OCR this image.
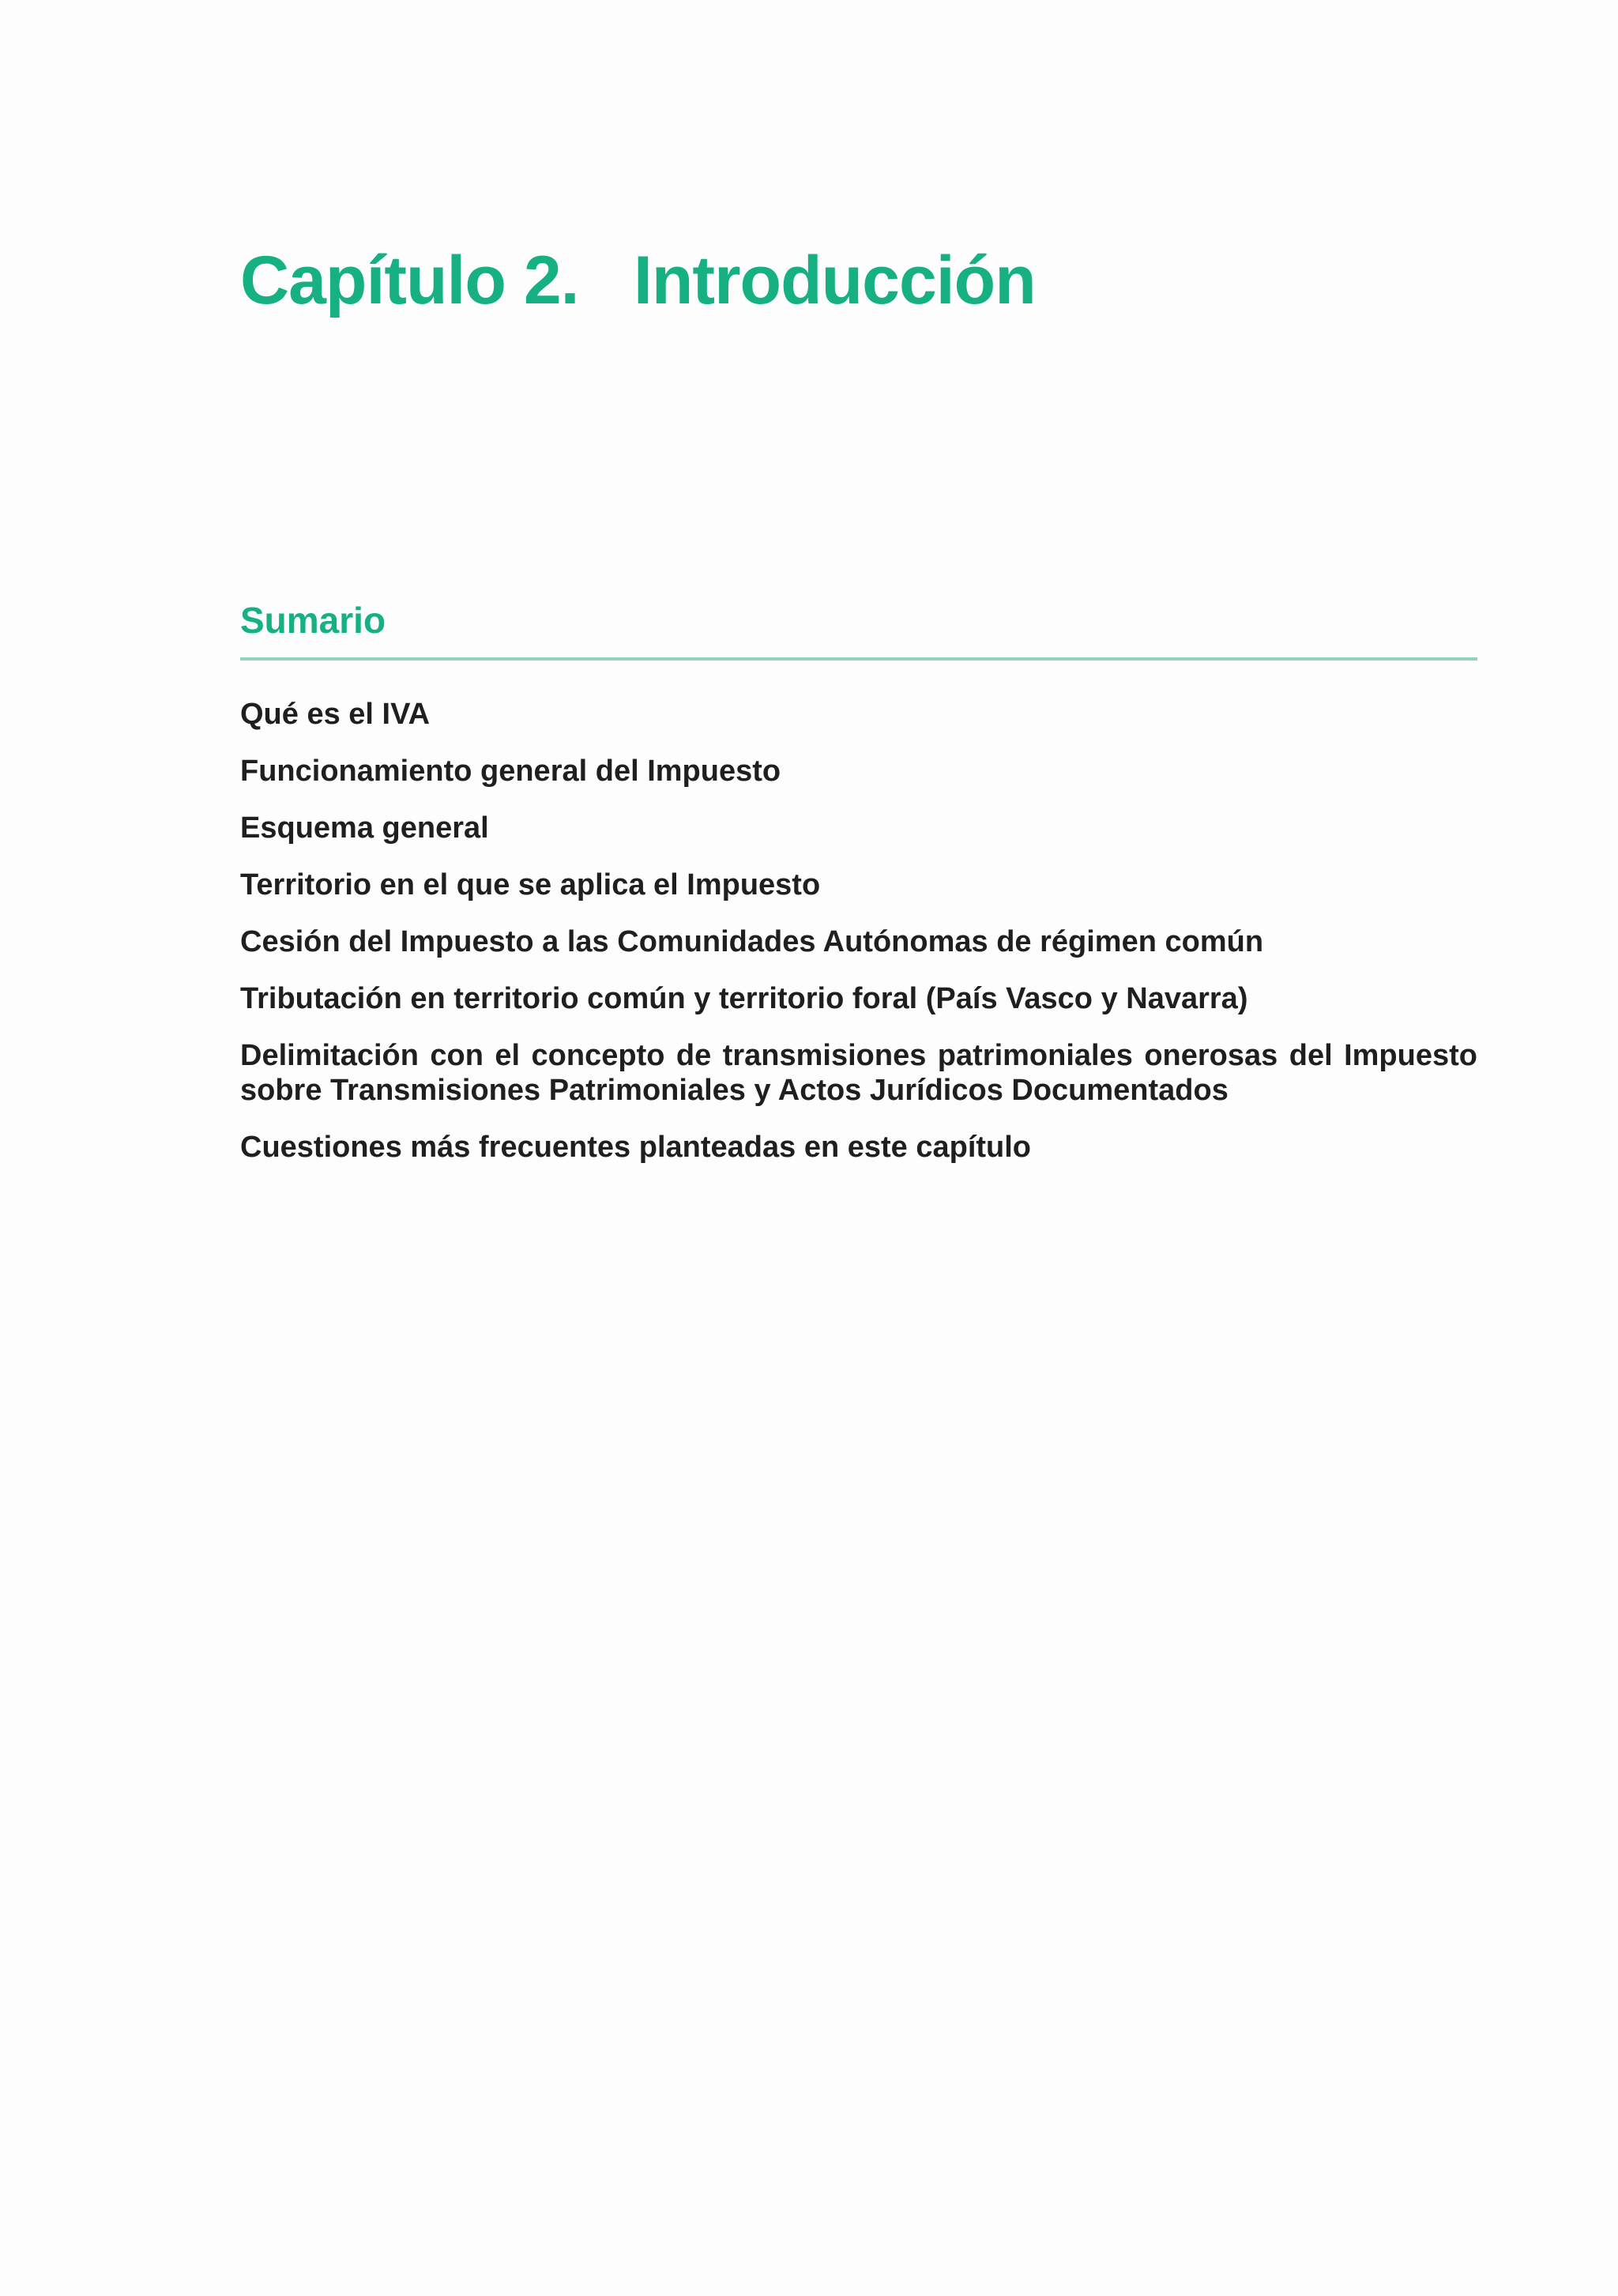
Capítulo 2. Introducción
Sumario
Qué es el IVA
Funcionamiento general del Impuesto
Esquema general
Territorio en el que se aplica el Impuesto
Cesión del Impuesto a las Comunidades Autónomas de régimen común
Tributación en territorio común y territorio foral (País Vasco y Navarra)
Delimitación con el concepto de transmisiones patrimoniales onerosas del Impuesto sobre Transmisiones Patrimoniales y Actos Jurídicos Documentados
Cuestiones más frecuentes planteadas en este capítulo
